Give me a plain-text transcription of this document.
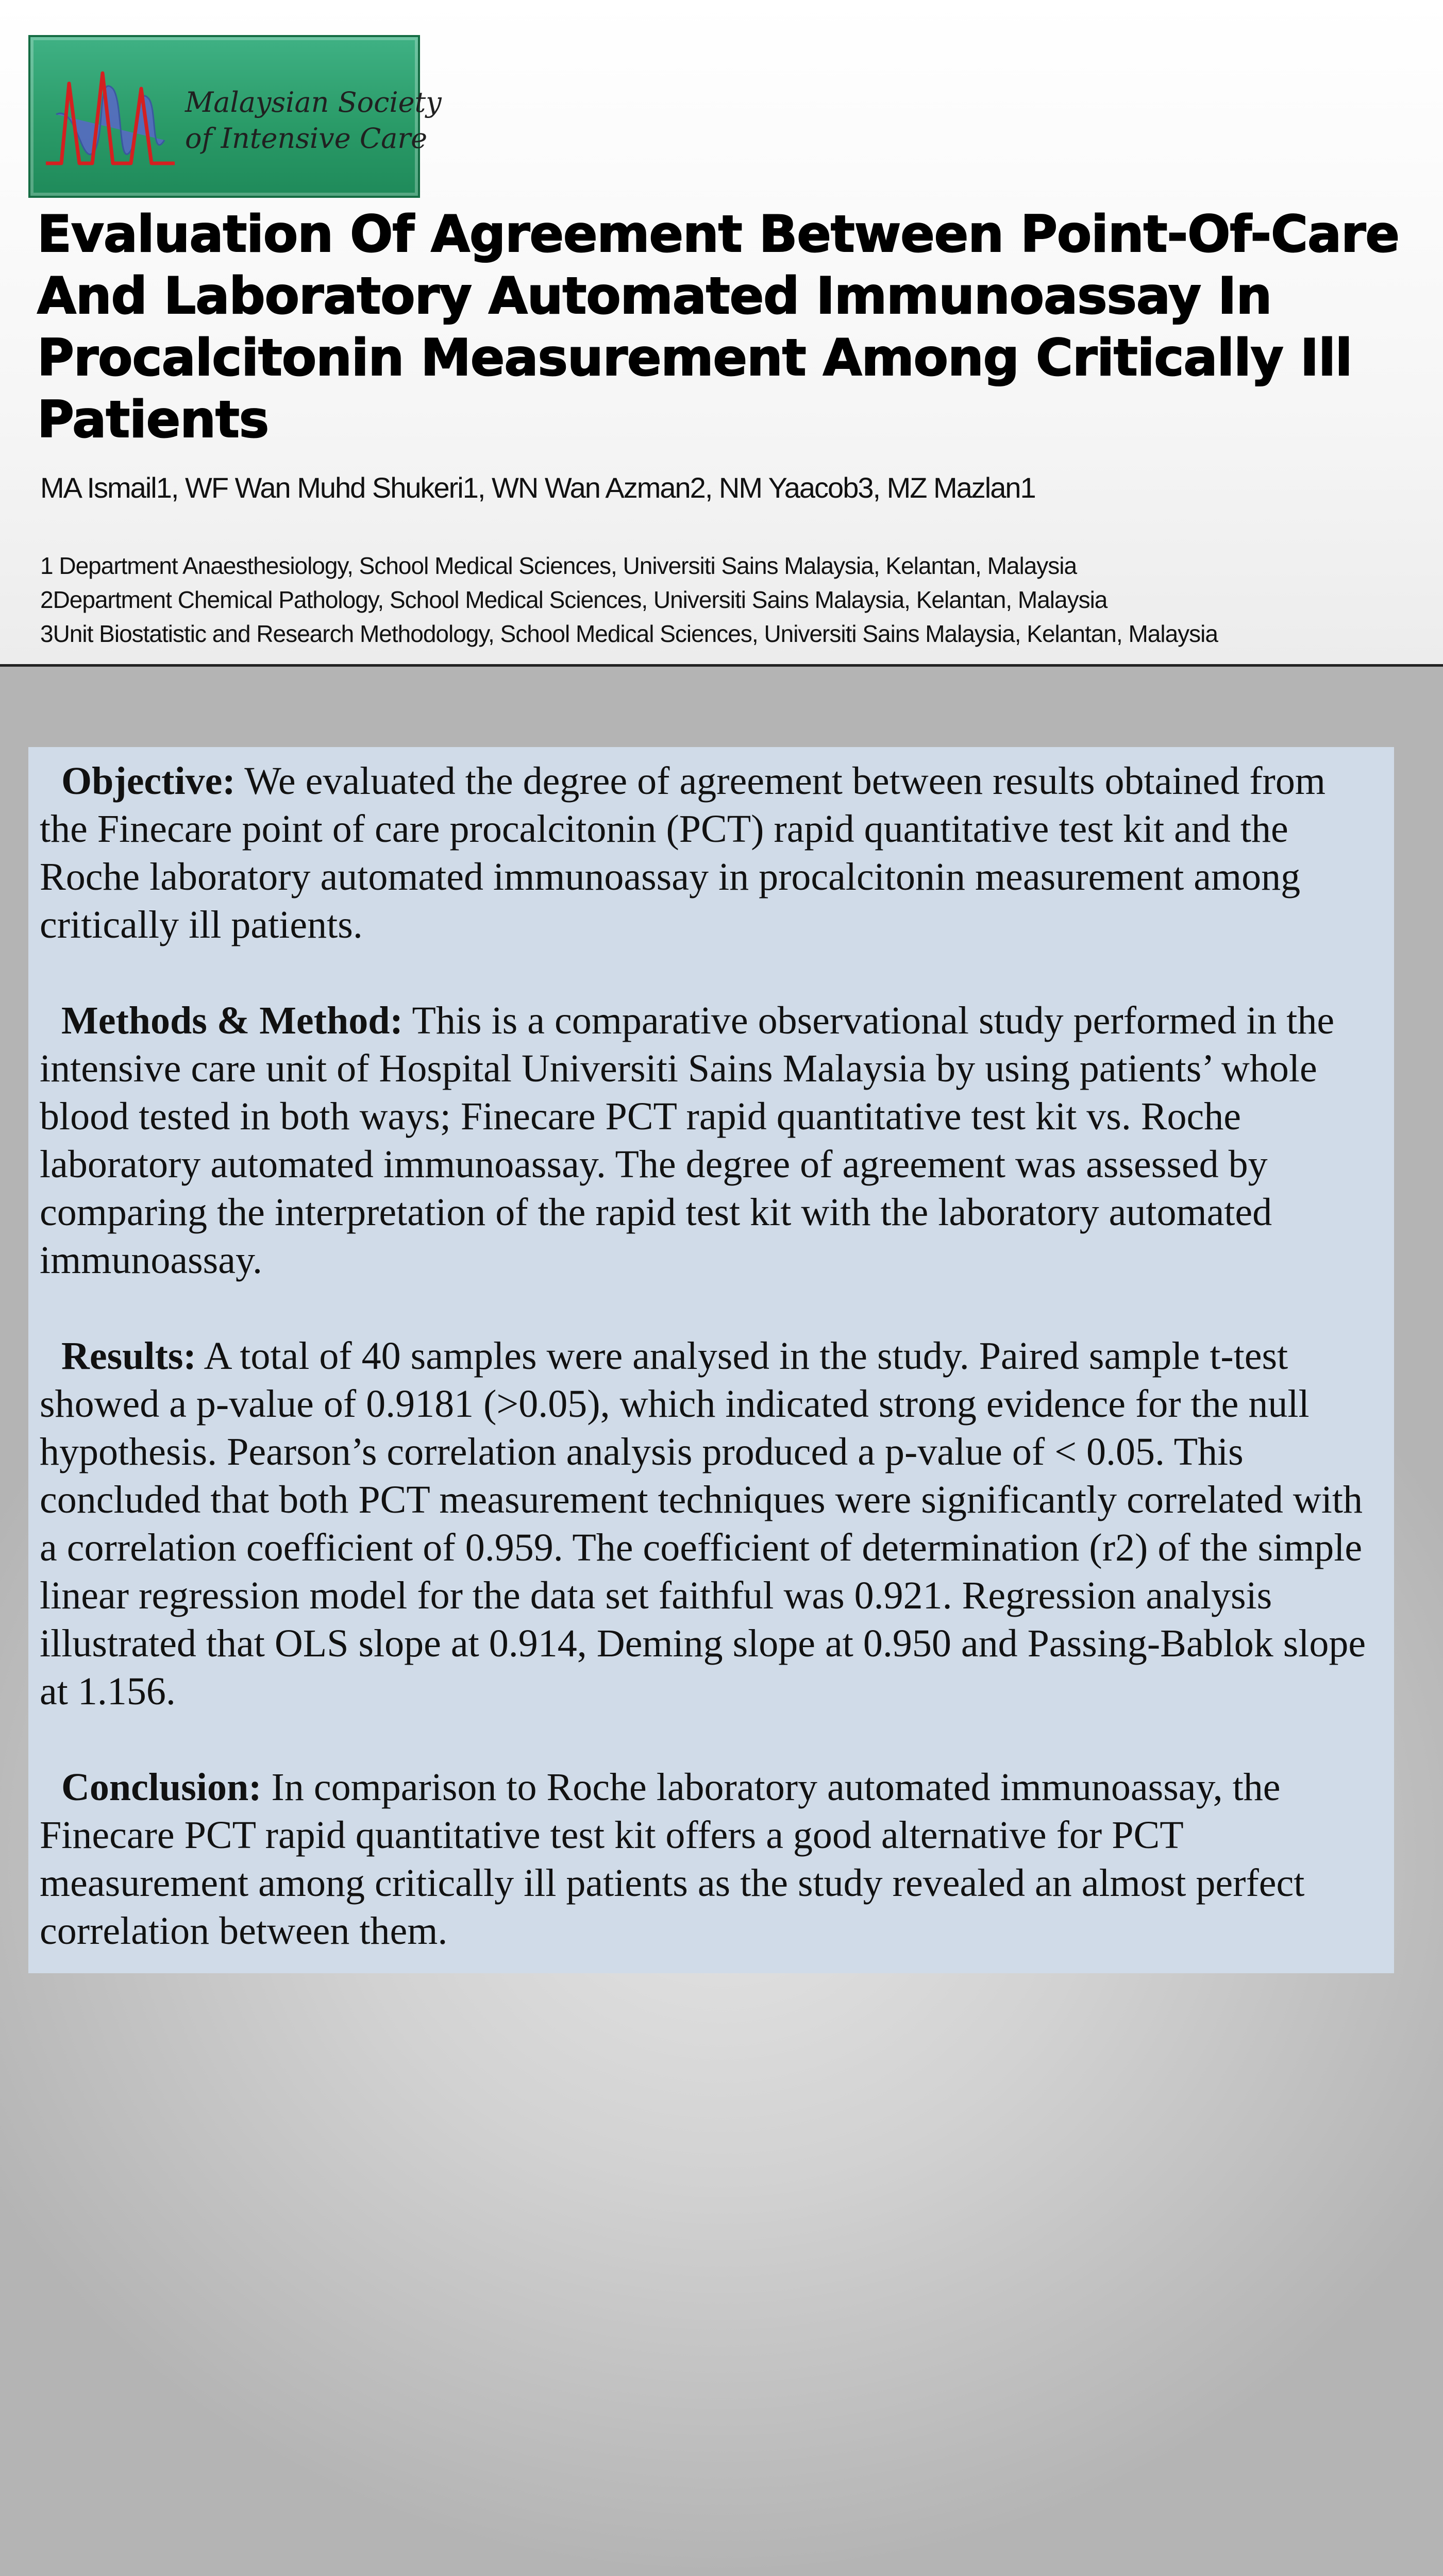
Malaysian Society
of Intensive Care
Evaluation Of Agreement Between Point-Of-Care And Laboratory Automated Immunoassay In Procalcitonin Measurement Among Critically Ill Patients
MA Ismail1, WF Wan Muhd Shukeri1, WN Wan Azman2, NM Yaacob3, MZ Mazlan1
1 Department Anaesthesiology, School Medical Sciences, Universiti Sains Malaysia, Kelantan, Malaysia
2Department Chemical Pathology, School Medical Sciences, Universiti Sains Malaysia, Kelantan, Malaysia
3Unit Biostatistic and Research Methodology, School Medical Sciences, Universiti Sains Malaysia, Kelantan, Malaysia

Objective: We evaluated the degree of agreement between results obtained from the Finecare point of care procalcitonin (PCT) rapid quantitative test kit and the Roche laboratory automated immunoassay in procalcitonin measurement among critically ill patients.

Methods & Method: This is a comparative observational study performed in the intensive care unit of Hospital Universiti Sains Malaysia by using patients’ whole blood tested in both ways; Finecare PCT rapid quantitative test kit vs. Roche laboratory automated immunoassay. The degree of agreement was assessed by comparing the interpretation of the rapid test kit with the laboratory automated immunoassay.

Results: A total of 40 samples were analysed in the study. Paired sample t-test showed a p-value of 0.9181 (>0.05), which indicated strong evidence for the null hypothesis. Pearson’s correlation analysis produced a p-value of < 0.05. This concluded that both PCT measurement techniques were significantly correlated with a correlation coefficient of 0.959. The coefficient of determination (r2) of the simple linear regression model for the data set faithful was 0.921. Regression analysis illustrated that OLS slope at 0.914, Deming slope at 0.950 and Passing-Bablok slope at 1.156.

Conclusion: In comparison to Roche laboratory automated immunoassay, the Finecare PCT rapid quantitative test kit offers a good alternative for PCT measurement among critically ill patients as the study revealed an almost perfect correlation between them.
